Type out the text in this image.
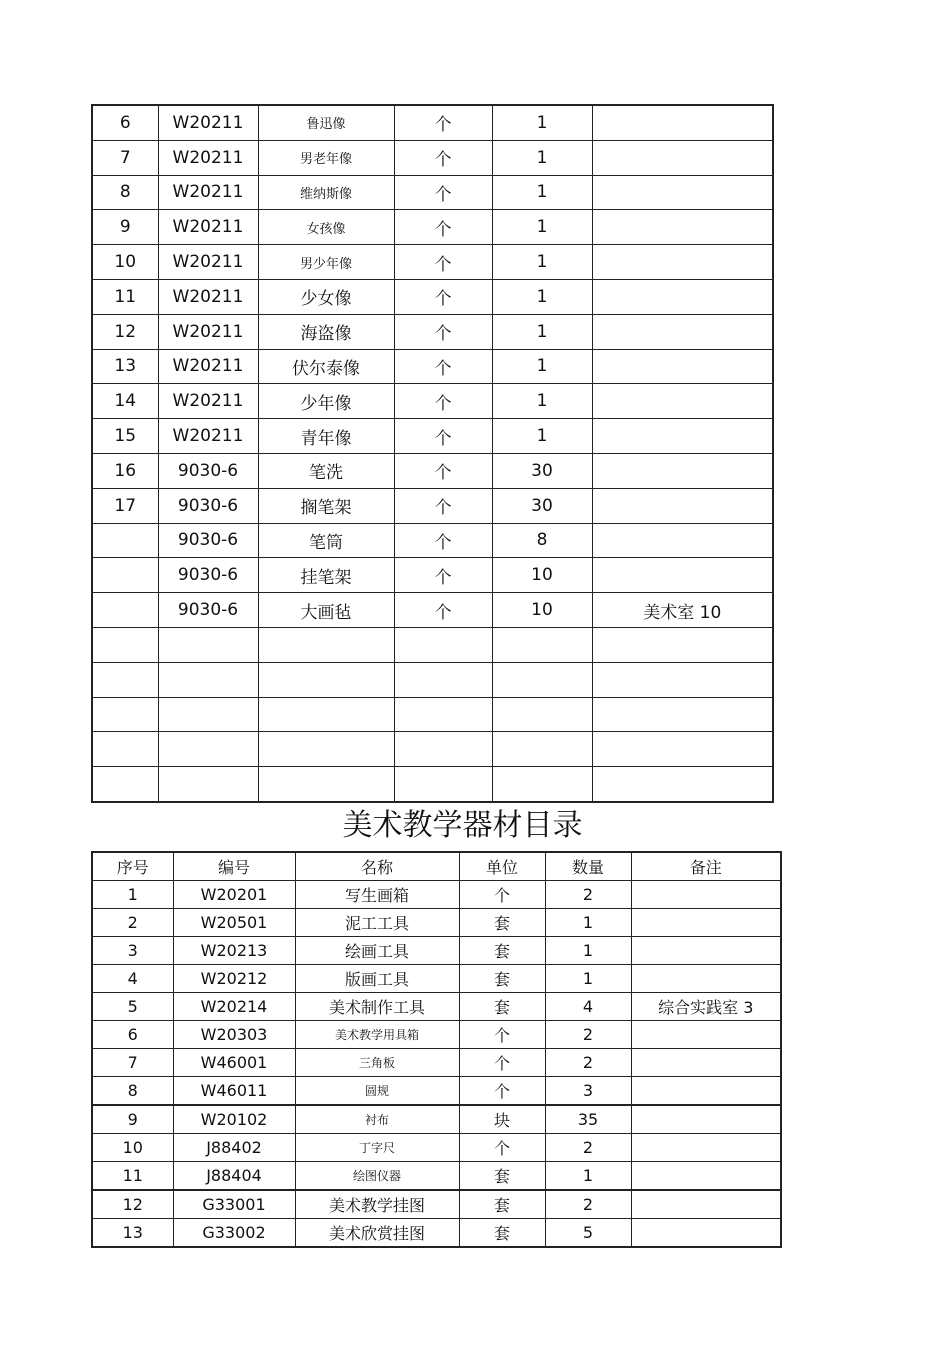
6	W20211	鲁迅像	个	1	
7	W20211	男老年像	个	1	
8	W20211	维纳斯像	个	1	
9	W20211	女孩像	个	1	
10	W20211	男少年像	个	1	
11	W20211	少女像	个	1	
12	W20211	海盗像	个	1	
13	W20211	伏尔泰像	个	1	
14	W20211	少年像	个	1	
15	W20211	青年像	个	1	
16	9030-6	笔洗	个	30	
17	9030-6	搁笔架	个	30	
	9030-6	笔筒	个	8	
	9030-6	挂笔架	个	10	
	9030-6	大画毡	个	10	美术室 10

美术教学器材目录
序号	编号	名称	单位	数量	备注
1	W20201	写生画箱	个	2	
2	W20501	泥工工具	套	1	
3	W20213	绘画工具	套	1	
4	W20212	版画工具	套	1	
5	W20214	美术制作工具	套	4	综合实践室 3
6	W20303	美术教学用具箱	个	2	
7	W46001	三角板	个	2	
8	W46011	圆规	个	3	
9	W20102	衬布	块	35	
10	J88402	丁字尺	个	2	
11	J88404	绘图仪器	套	1	
12	G33001	美术教学挂图	套	2	
13	G33002	美术欣赏挂图	套	5	
